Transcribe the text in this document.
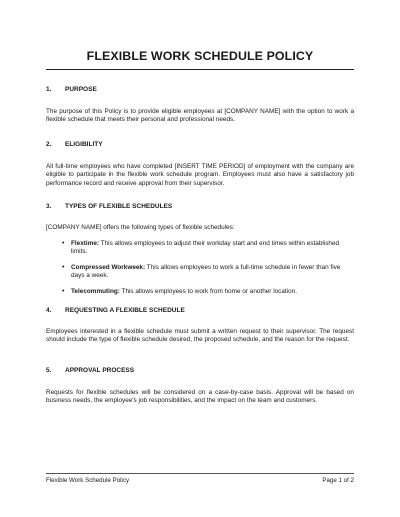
FLEXIBLE WORK SCHEDULE POLICY
1. PURPOSE
The purpose of this Policy is to provide eligible employees at [COMPANY NAME] with the option to work a flexible schedule that meets their personal and professional needs.
2. ELIGIBILITY
All full-time employees who have completed [INSERT TIME PERIOD] of employment with the company are eligible to participate in the flexible work schedule program. Employees must also have a satisfactory job performance record and receive approval from their supervisor.
3. TYPES OF FLEXIBLE SCHEDULES
[COMPANY NAME] offers the following types of flexible schedules:
• Flextime: This allows employees to adjust their workday start and end times within established limits.
• Compressed Workweek: This allows employees to work a full-time schedule in fewer than five days a week.
• Telecommuting: This allows employees to work from home or another location.
4. REQUESTING A FLEXIBLE SCHEDULE
Employees interested in a flexible schedule must submit a written request to their supervisor. The request should include the type of flexible schedule desired, the proposed schedule, and the reason for the request.
5. APPROVAL PROCESS
Requests for flexible schedules will be considered on a case-by-case basis. Approval will be based on business needs, the employee's job responsibilities, and the impact on the team and customers.
Flexible Work Schedule Policy	Page 1 of 2
